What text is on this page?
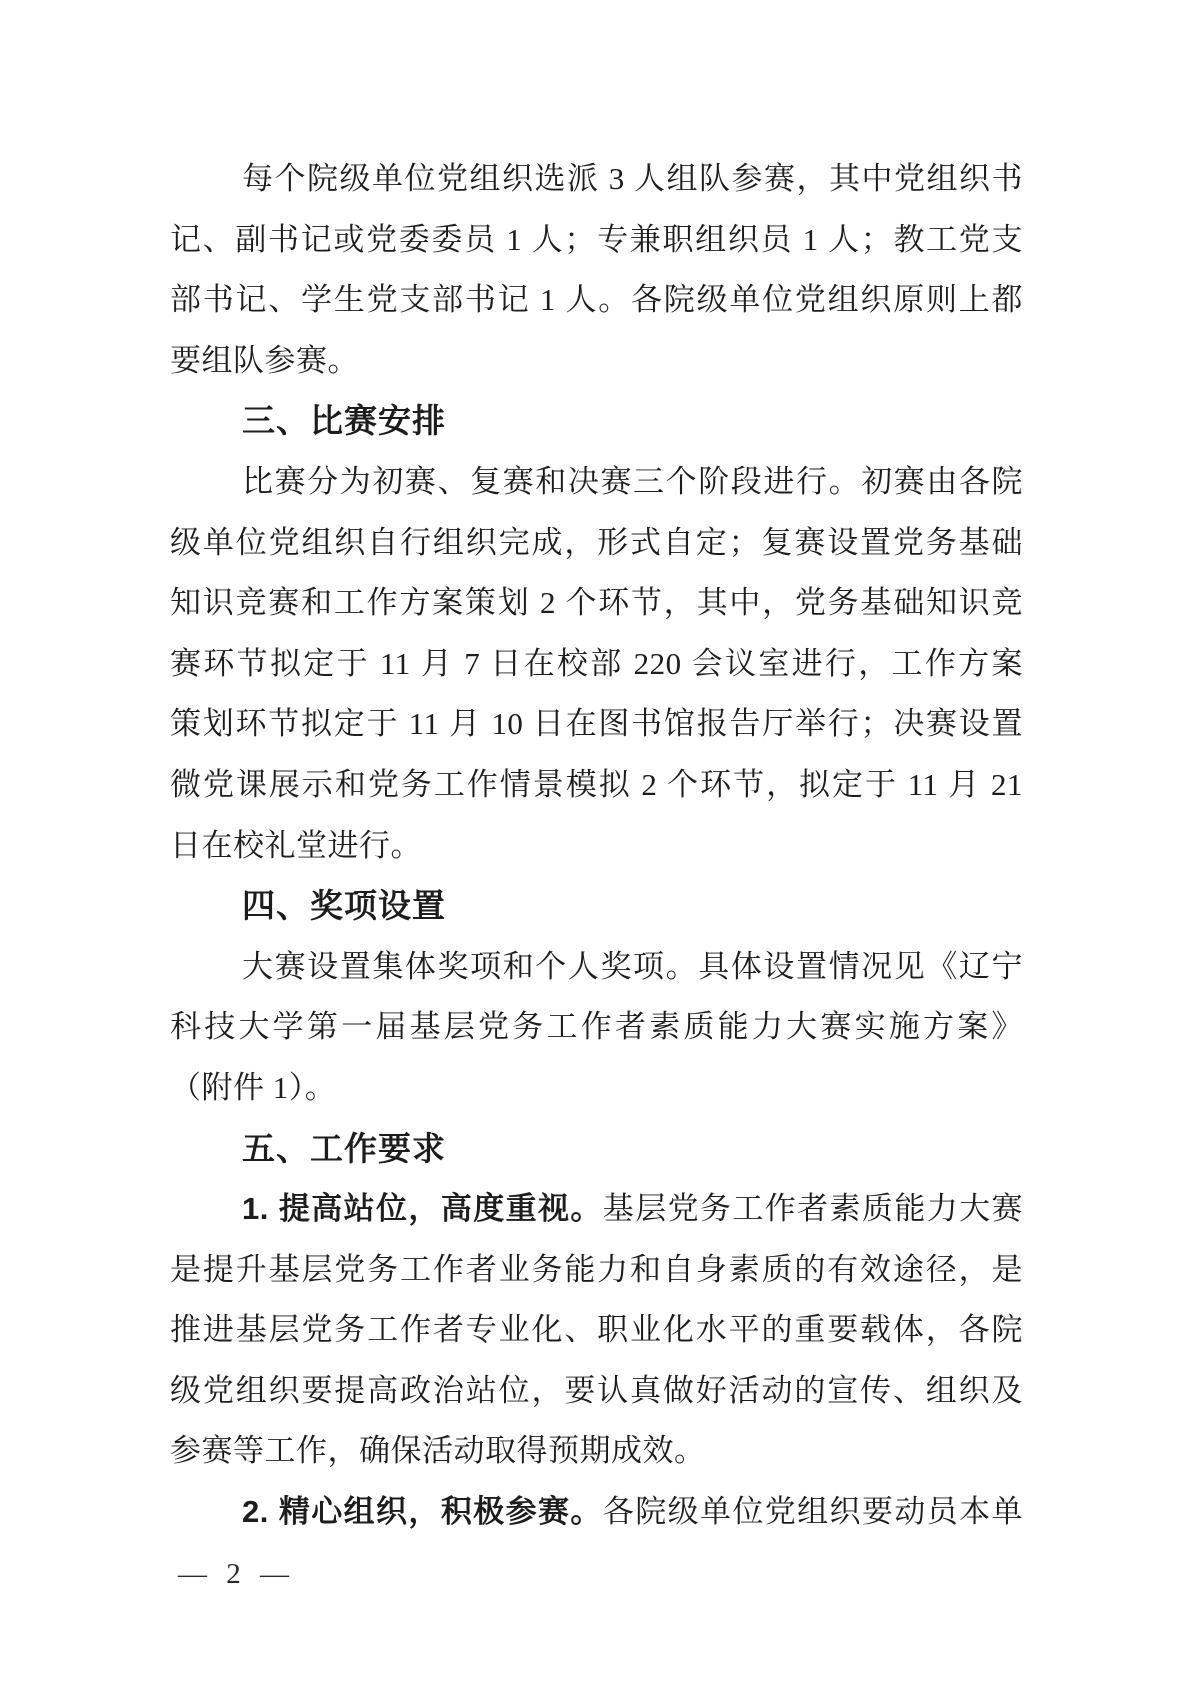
每个院级单位党组织选派 3 人组队参赛，其中党组织书
记、副书记或党委委员 1 人；专兼职组织员 1 人；教工党支
部书记、学生党支部书记 1 人。各院级单位党组织原则上都
要组队参赛。
三、比赛安排
比赛分为初赛、复赛和决赛三个阶段进行。初赛由各院
级单位党组织自行组织完成，形式自定；复赛设置党务基础
知识竞赛和工作方案策划 2 个环节，其中，党务基础知识竞
赛环节拟定于 11 月 7 日在校部 220 会议室进行，工作方案
策划环节拟定于 11 月 10 日在图书馆报告厅举行；决赛设置
微党课展示和党务工作情景模拟 2 个环节，拟定于 11 月 21
日在校礼堂进行。
四、奖项设置
大赛设置集体奖项和个人奖项。具体设置情况见《辽宁
科技大学第一届基层党务工作者素质能力大赛实施方案》
（附件 1）。
五、工作要求
1. 提高站位，高度重视。基层党务工作者素质能力大赛
是提升基层党务工作者业务能力和自身素质的有效途径，是
推进基层党务工作者专业化、职业化水平的重要载体，各院
级党组织要提高政治站位，要认真做好活动的宣传、组织及
参赛等工作，确保活动取得预期成效。
2. 精心组织，积极参赛。各院级单位党组织要动员本单
— 2 —
